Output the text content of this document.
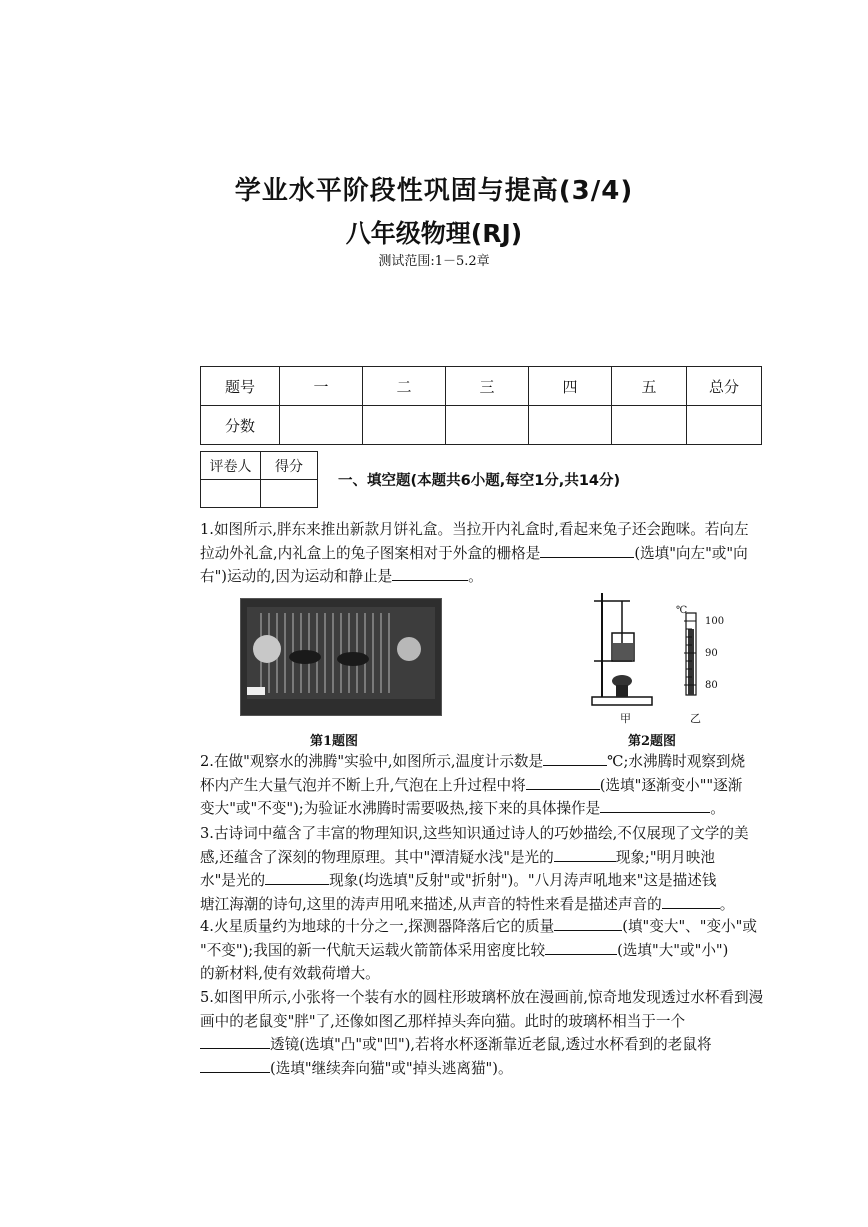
学业水平阶段性巩固与提高(3/4)
八年级物理(RJ)
测试范围:1－5.2章
题号	一	二	三	四	五	总分
分数						
评卷人	得分

一、填空题(本题共6小题,每空1分,共14分)
1.如图所示,胖东来推出新款月饼礼盒。当拉开内礼盒时,看起来兔子还会跑咪。若向左
拉动外礼盒,内礼盒上的兔子图案相对于外盒的栅格是	(选填"向左"或"向
右")运动的,因为运动和静止是	。
第1题图
℃
100
90
80
甲	乙
第2题图
2.在做"观察水的沸腾"实验中,如图所示,温度计示数是	℃;水沸腾时观察到烧
杯内产生大量气泡并不断上升,气泡在上升过程中将	(选填"逐渐变小""逐渐
变大"或"不变");为验证水沸腾时需要吸热,接下来的具体操作是	。
3.古诗词中蕴含了丰富的物理知识,这些知识通过诗人的巧妙描绘,不仅展现了文学的美
感,还蕴含了深刻的物理原理。其中"潭清疑水浅"是光的	现象;"明月映池
水"是光的	现象(均选填"反射"或"折射")。"八月涛声吼地来"这是描述钱
塘江海潮的诗句,这里的涛声用吼来描述,从声音的特性来看是描述声音的	。
4.火星质量约为地球的十分之一,探测器降落后它的质量	(填"变大"、"变小"或
"不变");我国的新一代航天运载火箭箭体采用密度比较	(选填"大"或"小")
的新材料,使有效载荷增大。
5.如图甲所示,小张将一个装有水的圆柱形玻璃杯放在漫画前,惊奇地发现透过水杯看到漫
画中的老鼠变"胖"了,还像如图乙那样掉头奔向猫。此时的玻璃杯相当于一个
透镜(选填"凸"或"凹"),若将水杯逐渐靠近老鼠,透过水杯看到的老鼠将
(选填"继续奔向猫"或"掉头逃离猫")。
